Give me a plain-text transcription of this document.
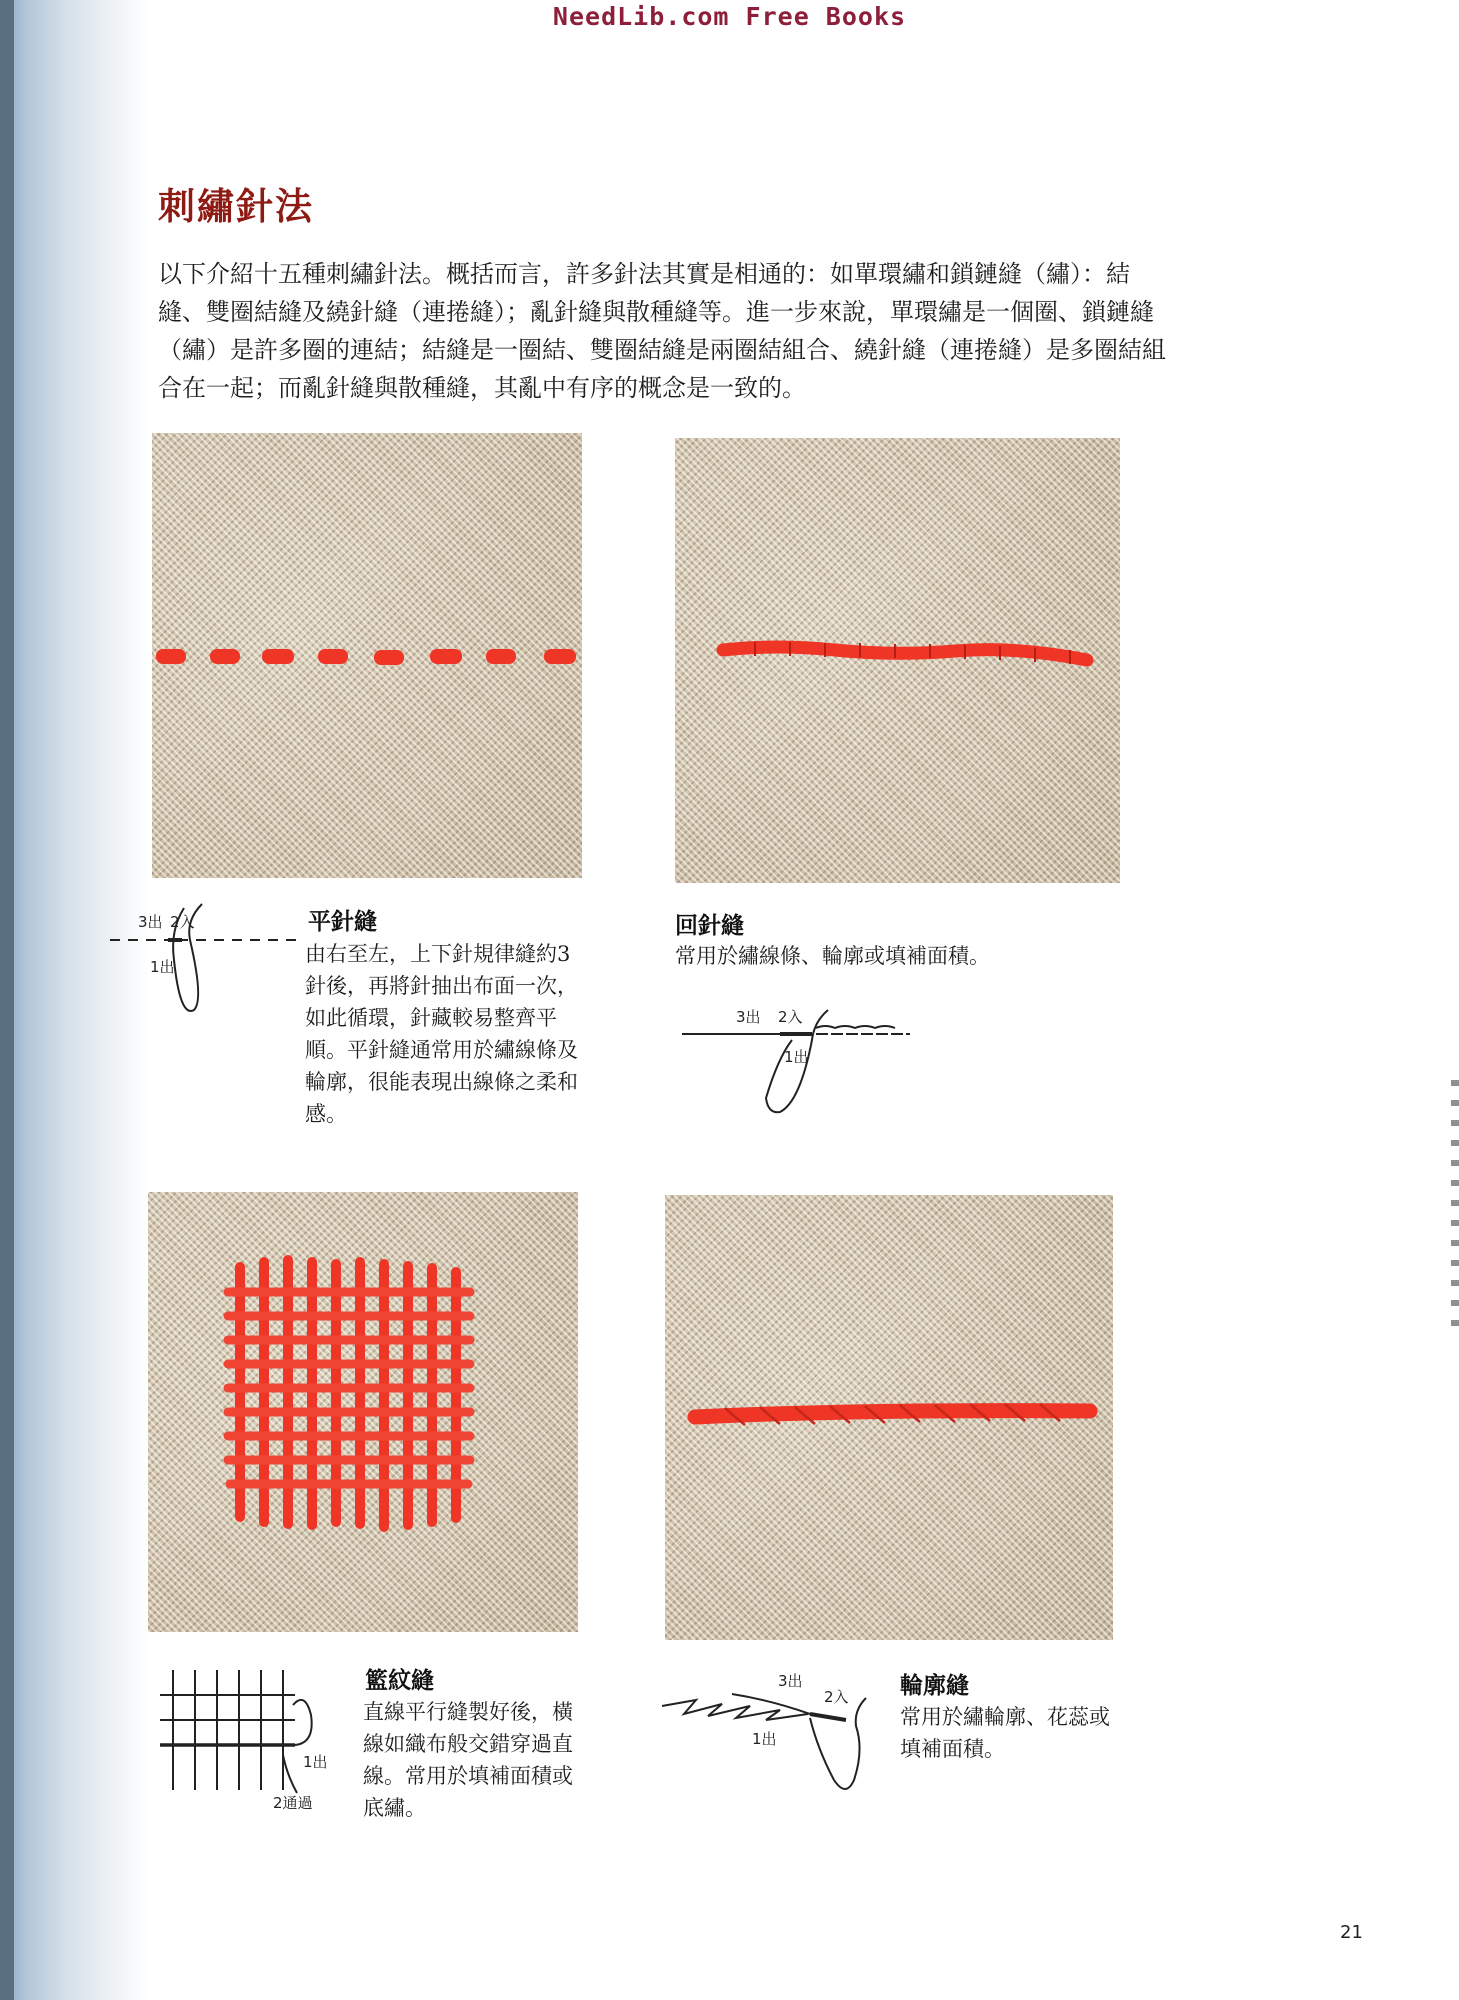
NeedLib.com Free Books
刺繡針法

以下介紹十五種刺繡針法。概括而言，許多針法其實是相通的：如單環繡和鎖鏈縫（繡）：結縫、雙圈結縫及繞針縫（連捲縫）；亂針縫與散種縫等。進一步來說，單環繡是一個圈、鎖鏈縫（繡）是許多圈的連結；結縫是一圈結、雙圈結縫是兩圈結組合、繞針縫（連捲縫）是多圈結組合在一起；而亂針縫與散種縫，其亂中有序的概念是一致的。

平針縫

由右至左，上下針規律縫約3針後，再將針抽出布面一次，如此循環，針藏較易整齊平順。平針縫通常用於繡線條及輪廓，很能表現出線條之柔和感。

3出 2入
1出
回針縫

常用於繡線條、輪廓或填補面積。

3出 2入
1出
籃紋縫

直線平行縫製好後，橫線如織布般交錯穿過直線。常用於填補面積或底繡。

1出
2通過
輪廓縫

常用於繡輪廓、花蕊或填補面積。

3出
2入
1出
21
